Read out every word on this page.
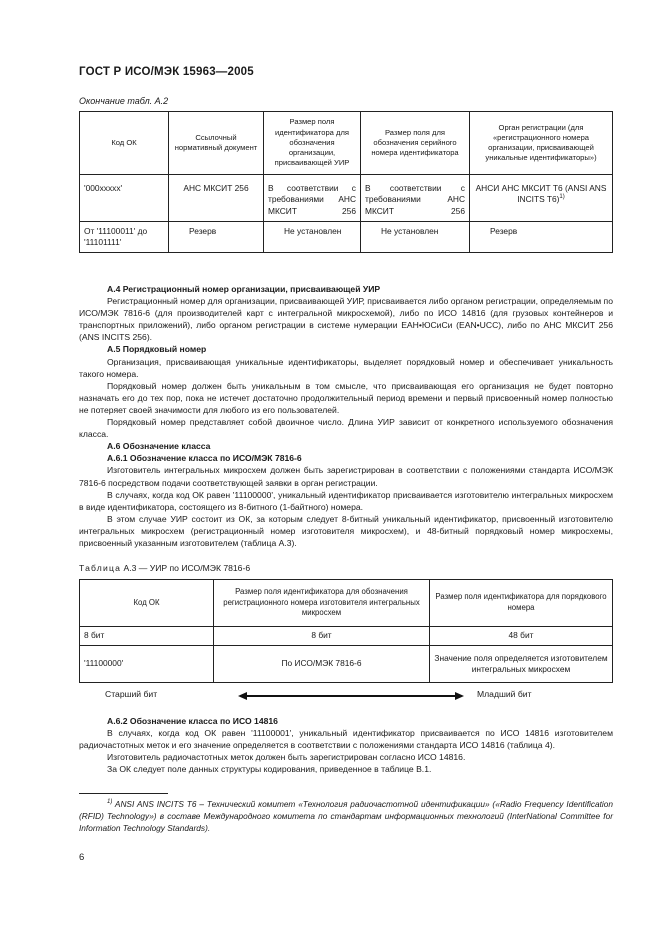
ГОСТ Р ИСО/МЭК 15963—2005
Окончание табл. А.2
Код ОК	Ссылочный нормативный документ	Размер поля идентификатора для обозначения организации, присваивающей УИР	Размер поля для обозначения серийного номера идентификатора	Орган регистрации (для «регистрационного номера организации, присваивающей уникальные идентификаторы»)
'000xxxxx'	АНС МКСИТ 256	В соответствии с требованиями АНС МКСИТ 256	В соответствии с требованиями АНС МКСИТ 256	АНСИ АНС МКСИТ Т6 (ANSI ANS INCITS T6)$^{1)}$
От '11100011' до '11101111'	Резерв	Не установлен	Не установлен	Резерв

А.4 Регистрационный номер организации, присваивающей УИР

Регистрационный номер для организации, присваивающей УИР, присваивается либо органом регистрации, определяемым по ИСО/МЭК 7816-6 (для производителей карт с интегральной микросхемой), либо по ИСО 14816 (для грузовых контейнеров и транспортных приложений), либо органом регистрации в системе нумерации ЕАН•ЮСиСи (EAN•UCC), либо по АНС МКСИТ 256 (ANS INCITS 256).

А.5 Порядковый номер

Организация, присваивающая уникальные идентификаторы, выделяет порядковый номер и обеспечивает уникальность такого номера.

Порядковый номер должен быть уникальным в том смысле, что присваивающая его организация не будет повторно назначать его до тех пор, пока не истечет достаточно продолжительный период времени и первый присвоенный номер полностью не потеряет своей значимости для любого из его пользователей.

Порядковый номер представляет собой двоичное число. Длина УИР зависит от конкретного используемого обозначения класса.

А.6 Обозначение класса

А.6.1 Обозначение класса по ИСО/МЭК 7816-6

Изготовитель интегральных микросхем должен быть зарегистрирован в соответствии с положениями стандарта ИСО/МЭК 7816-6 посредством подачи соответствующей заявки в орган регистрации.

В случаях, когда код ОК равен '11100000', уникальный идентификатор присваивается изготовителю интегральных микросхем в виде идентификатора, состоящего из 8-битного (1-байтного) номера.

В этом случае УИР состоит из ОК, за которым следует 8-битный уникальный идентификатор, присвоенный изготовителю интегральных микросхем (регистрационный номер изготовителя микросхем), и 48-битный порядковый номер микросхемы, присвоенный указанным изготовителем (таблица А.3).

Таблица А.3 — УИР по ИСО/МЭК 7816-6
Код ОК	Размер поля идентификатора для обозначения регистрационного номера изготовителя интегральных микросхем	Размер поля идентификатора для порядкового номера
8 бит	8 бит	48 бит
'11100000'	По ИСО/МЭК 7816-6	Значение поля определяется изготовителем интегральных микросхем
Старший бит	Младший бит

А.6.2 Обозначение класса по ИСО 14816

В случаях, когда код ОК равен '11100001', уникальный идентификатор присваивается по ИСО 14816 изготовителем радиочастотных меток и его значение определяется в соответствии с положениями стандарта ИСО 14816 (таблица 4).

Изготовитель радиочастотных меток должен быть зарегистрирован согласно ИСО 14816.

За ОК следует поле данных структуры кодирования, приведенное в таблице В.1.

$^{1)}$ ANSI ANS INCITS T6 – Технический комитет «Технология радиочастотной идентификации» («Radio Frequency Identification (RFID) Technology») в составе Международного комитета по стандартам информационных технологий (InterNational Committee for Information Technology Standards).

6
